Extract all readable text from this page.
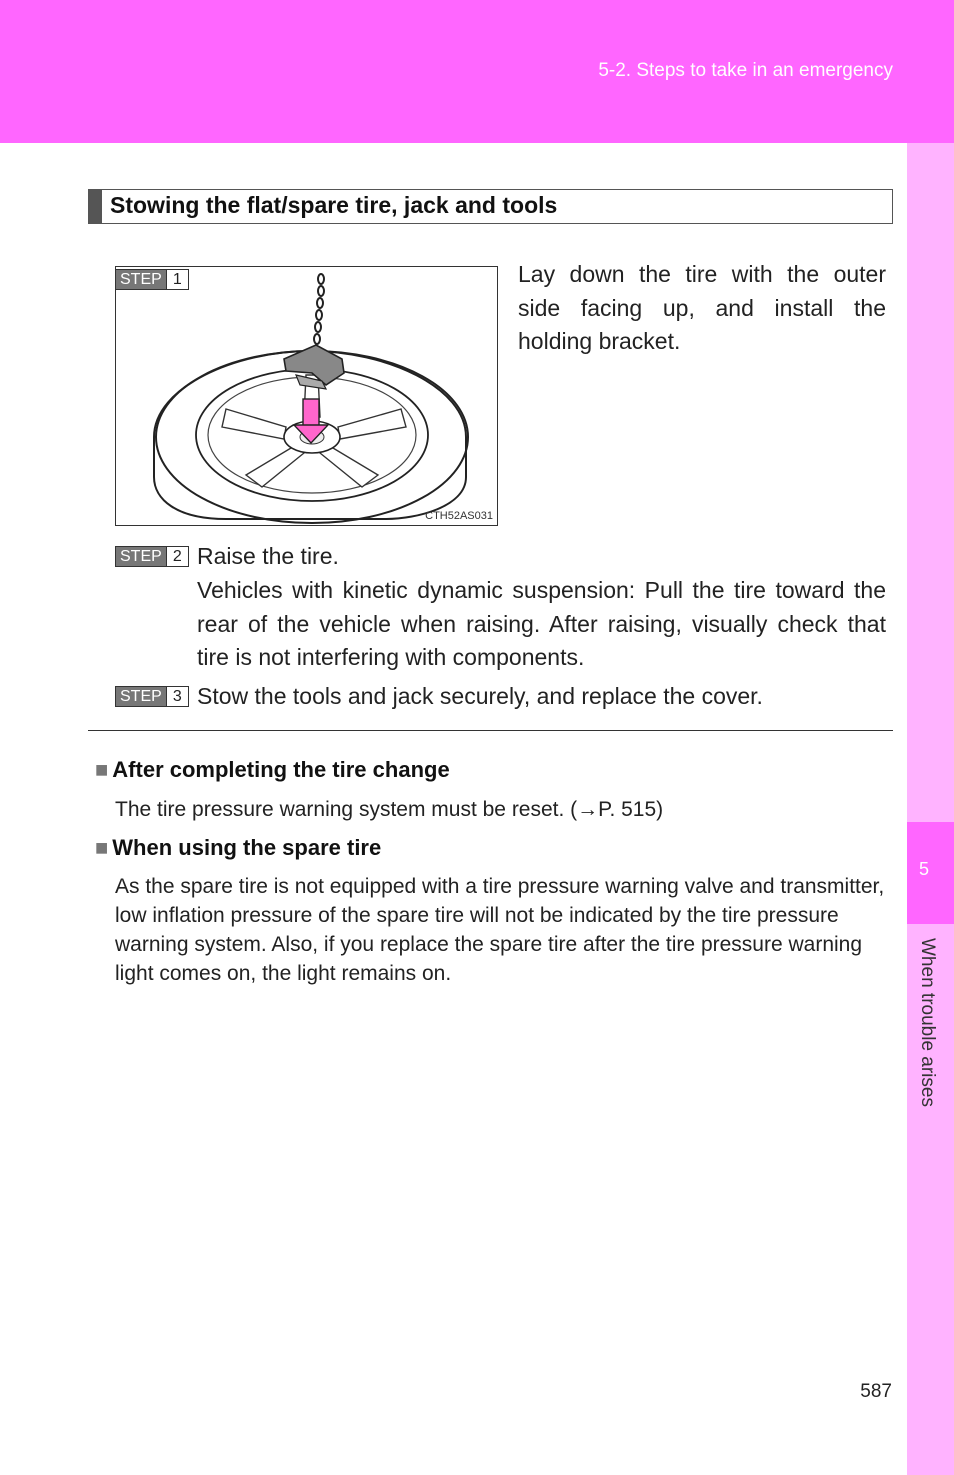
5-2. Steps to take in an emergency
5
When trouble arises
Stowing the flat/spare tire, jack and tools
CTH52AS031
STEP 1	Lay down the tire with the outer side facing up, and install the holding bracket.
STEP 2 Raise the tire.
Vehicles with kinetic dynamic suspension: Pull the tire toward the rear of the vehicle when raising. After raising, visually check that tire is not interfering with components.
STEP 3 Stow the tools and jack securely, and replace the cover.
■ After completing the tire change
The tire pressure warning system must be reset. (→P. 515)
■ When using the spare tire
As the spare tire is not equipped with a tire pressure warning valve and transmitter, low inflation pressure of the spare tire will not be indicated by the tire pressure warning system. Also, if you replace the spare tire after the tire pressure warning light comes on, the light remains on.
587
